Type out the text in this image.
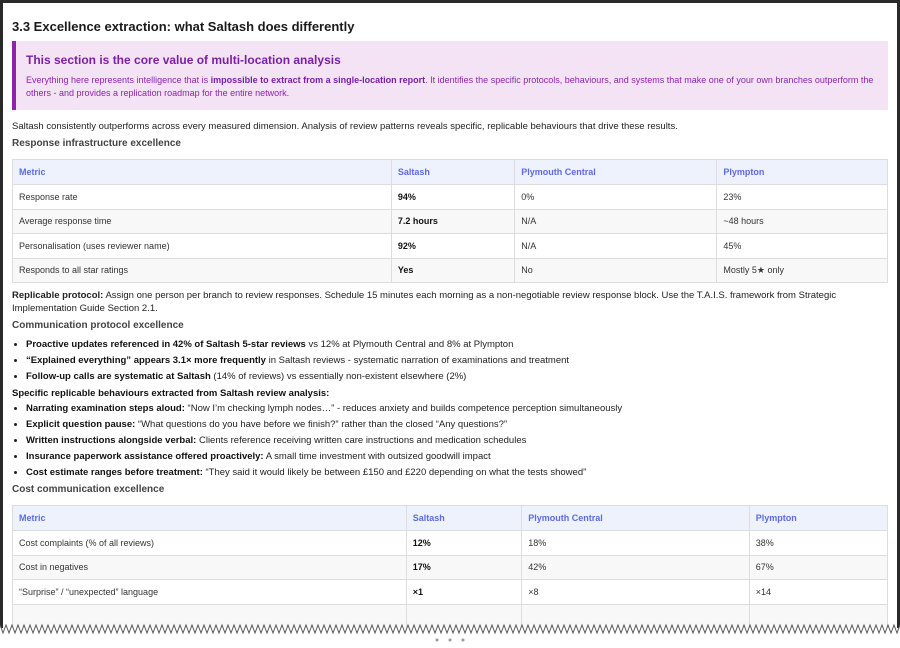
3.3 Excellence extraction: what Saltash does differently
This section is the core value of multi-location analysis

Everything here represents intelligence that is impossible to extract from a single-location report. It identifies the specific protocols, behaviours, and systems that make one of your own branches outperform the others - and provides a replication roadmap for the entire network.

Saltash consistently outperforms across every measured dimension. Analysis of review patterns reveals specific, replicable behaviours that drive these results.

Response infrastructure excellence
Metric	Saltash	Plymouth Central	Plympton
Response rate	94%	0%	23%
Average response time	7.2 hours	N/A	~48 hours
Personalisation (uses reviewer name)	92%	N/A	45%
Responds to all star ratings	Yes	No	Mostly 5★ only

Replicable protocol: Assign one person per branch to review responses. Schedule 15 minutes each morning as a non-negotiable review response block. Use the T.A.I.S. framework from Strategic Implementation Guide Section 2.1.

Communication protocol excellence
• Proactive updates referenced in 42% of Saltash 5-star reviews vs 12% at Plymouth Central and 8% at Plympton
• “Explained everything” appears 3.1× more frequently in Saltash reviews - systematic narration of examinations and treatment
• Follow-up calls are systematic at Saltash (14% of reviews) vs essentially non-existent elsewhere (2%)

Specific replicable behaviours extracted from Saltash review analysis:

• Narrating examination steps aloud: “Now I’m checking lymph nodes…” - reduces anxiety and builds competence perception simultaneously
• Explicit question pause: “What questions do you have before we finish?” rather than the closed “Any questions?”
• Written instructions alongside verbal: Clients reference receiving written care instructions and medication schedules
• Insurance paperwork assistance offered proactively: A small time investment with outsized goodwill impact
• Cost estimate ranges before treatment: “They said it would likely be between £150 and £220 depending on what the tests showed”
Cost communication excellence
Metric	Saltash	Plymouth Central	Plympton
Cost complaints (% of all reviews)	12%	18%	38%
Cost in negatives	17%	42%	67%
“Surprise” / “unexpected” language	×1	×8	×14
